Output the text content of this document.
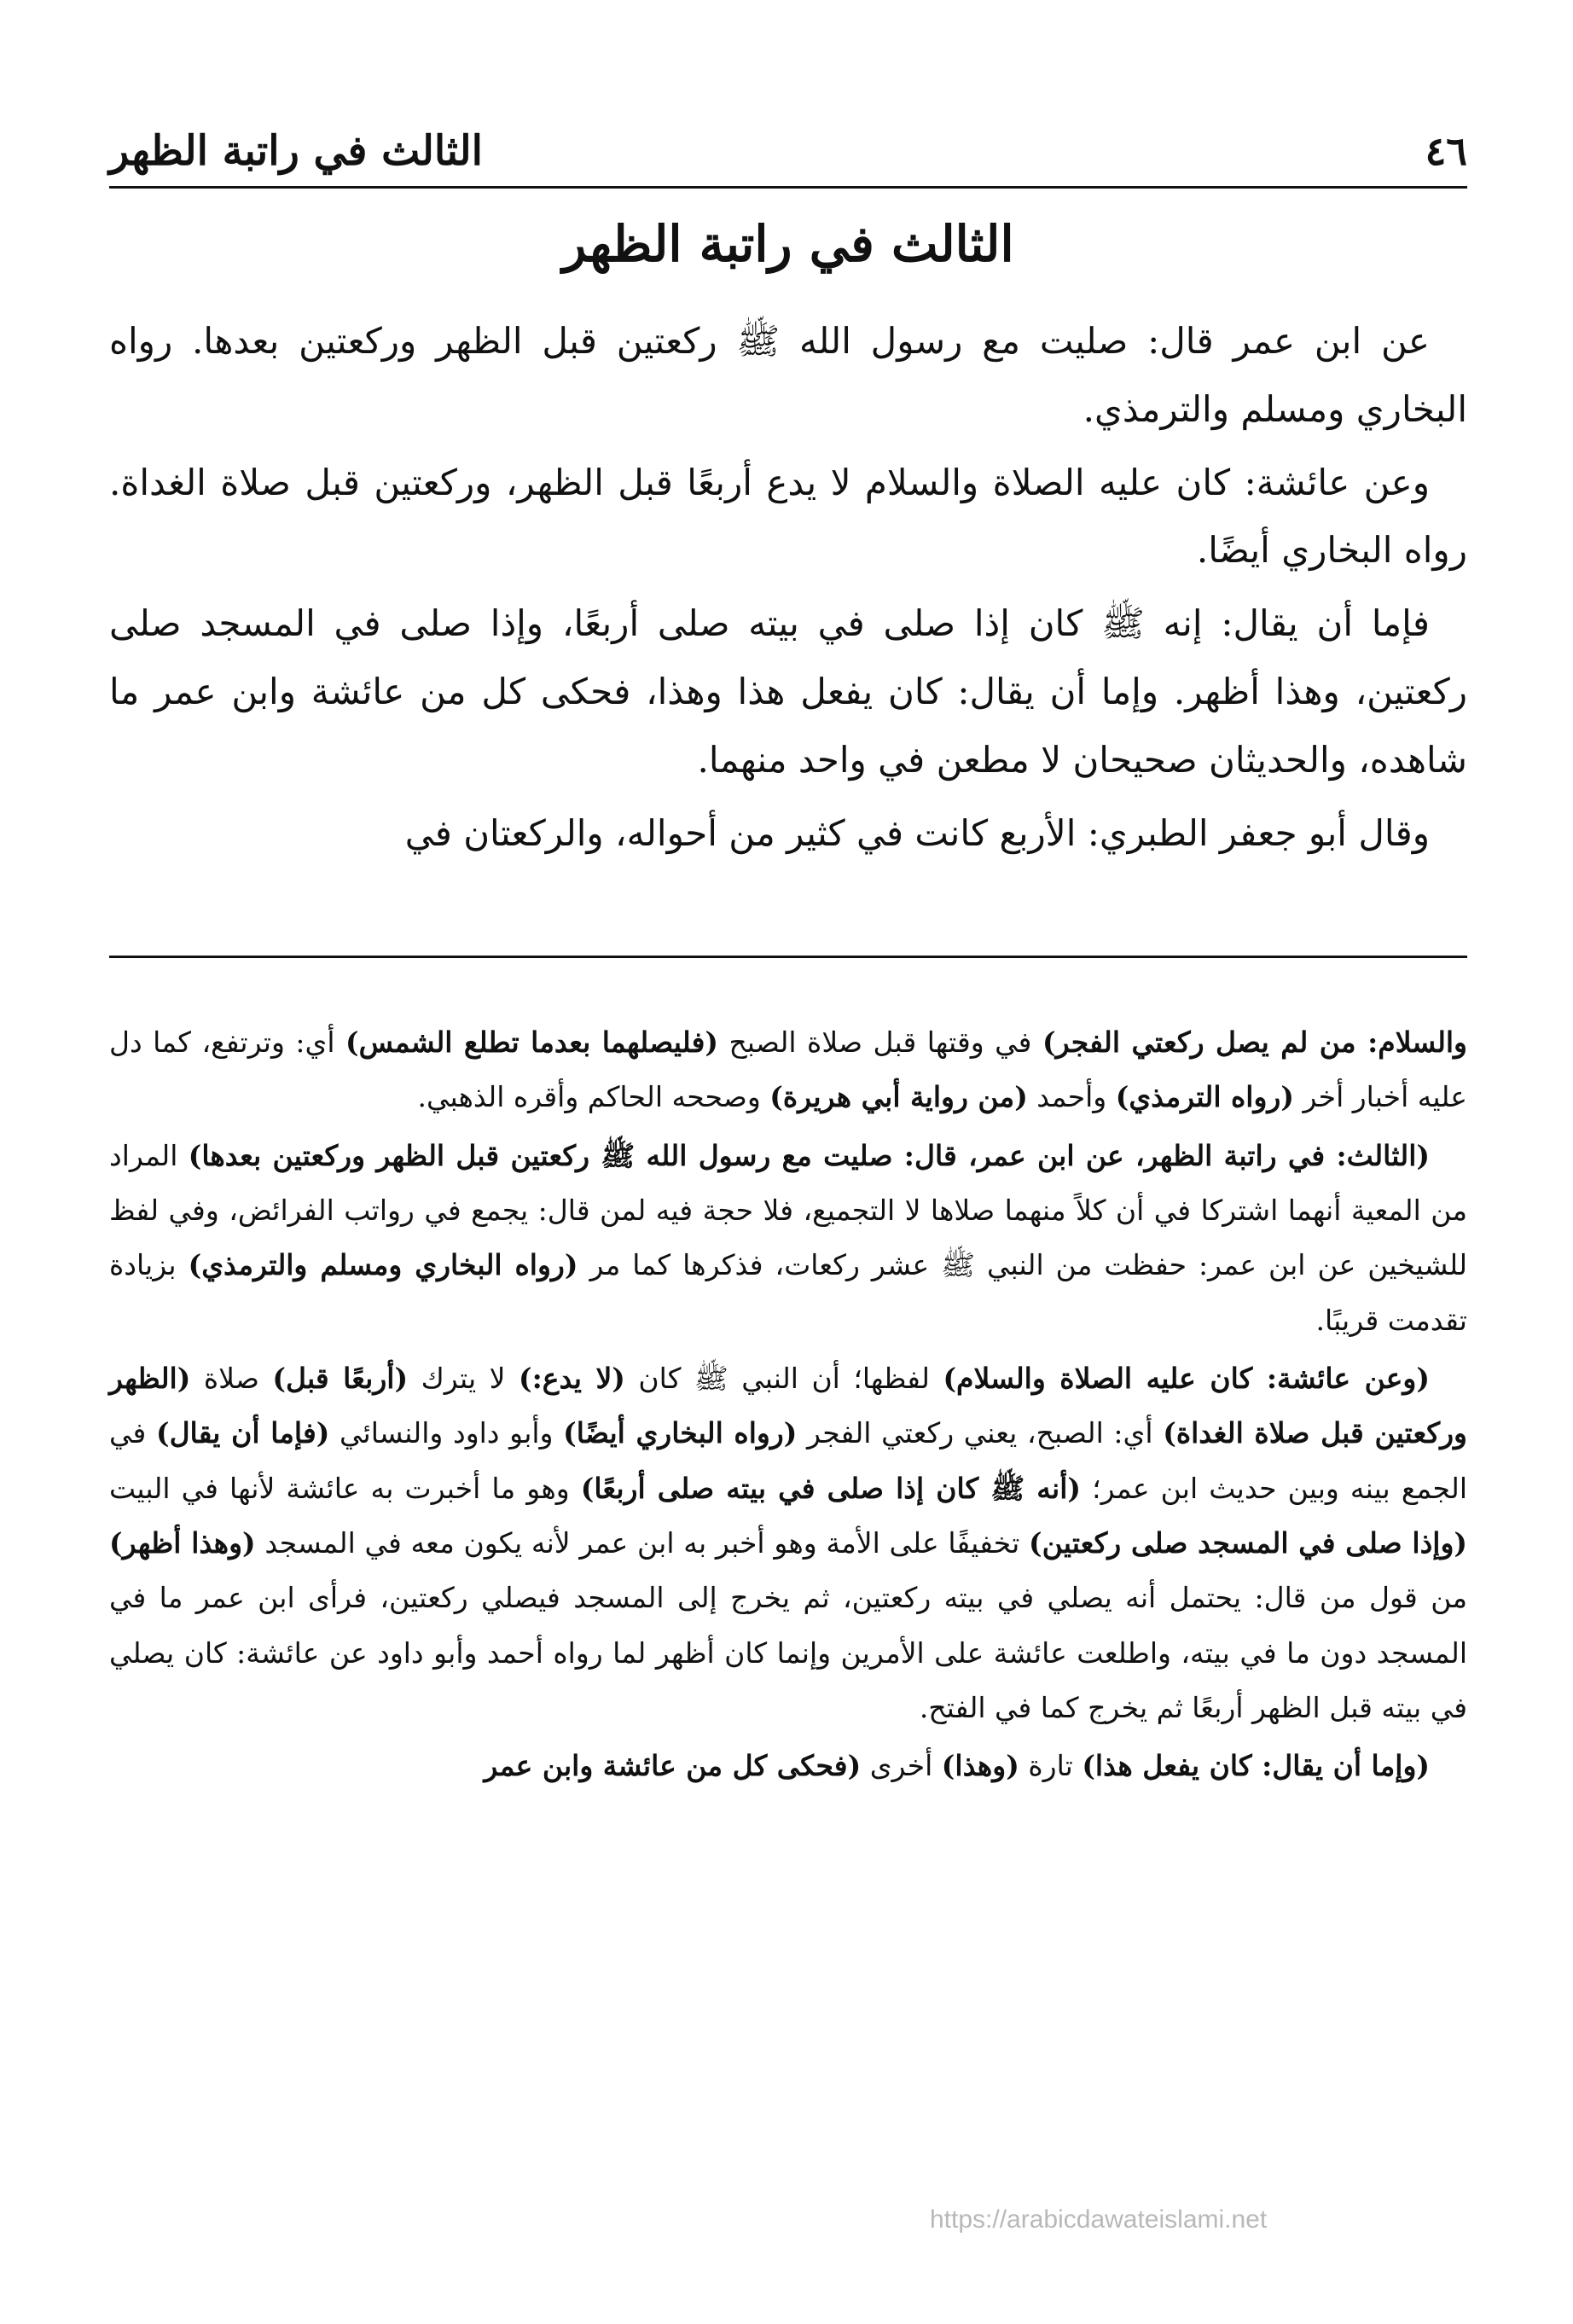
٤٦
الثالث في راتبة الظهر
الثالث في راتبة الظهر

عن ابن عمر قال: صليت مع رسول الله ﷺ ركعتين قبل الظهر وركعتين بعدها. رواه البخاري ومسلم والترمذي.

وعن عائشة: كان عليه الصلاة والسلام لا يدع أربعًا قبل الظهر، وركعتين قبل صلاة الغداة. رواه البخاري أيضًا.

فإما أن يقال: إنه ﷺ كان إذا صلى في بيته صلى أربعًا، وإذا صلى في المسجد صلى ركعتين، وهذا أظهر. وإما أن يقال: كان يفعل هذا وهذا، فحكى كل من عائشة وابن عمر ما شاهده، والحديثان صحيحان لا مطعن في واحد منهما.

وقال أبو جعفر الطبري: الأربع كانت في كثير من أحواله، والركعتان في

والسلام: من لم يصل ركعتي الفجر) في وقتها قبل صلاة الصبح (فليصلهما بعدما تطلع الشمس) أي: وترتفع، كما دل عليه أخبار أخر (رواه الترمذي) وأحمد (من رواية أبي هريرة) وصححه الحاكم وأقره الذهبي.

(الثالث: في راتبة الظهر، عن ابن عمر، قال: صليت مع رسول الله ﷺ ركعتين قبل الظهر وركعتين بعدها) المراد من المعية أنهما اشتركا في أن كلاً منهما صلاها لا التجميع، فلا حجة فيه لمن قال: يجمع في رواتب الفرائض، وفي لفظ للشيخين عن ابن عمر: حفظت من النبي ﷺ عشر ركعات، فذكرها كما مر (رواه البخاري ومسلم والترمذي) بزيادة تقدمت قريبًا.

(وعن عائشة: كان عليه الصلاة والسلام) لفظها؛ أن النبي ﷺ كان (لا يدع:) لا يترك (أربعًا قبل) صلاة (الظهر وركعتين قبل صلاة الغداة) أي: الصبح، يعني ركعتي الفجر (رواه البخاري أيضًا) وأبو داود والنسائي (فإما أن يقال) في الجمع بينه وبين حديث ابن عمر؛ (أنه ﷺ كان إذا صلى في بيته صلى أربعًا) وهو ما أخبرت به عائشة لأنها في البيت (وإذا صلى في المسجد صلى ركعتين) تخفيفًا على الأمة وهو أخبر به ابن عمر لأنه يكون معه في المسجد (وهذا أظهر) من قول من قال: يحتمل أنه يصلي في بيته ركعتين، ثم يخرج إلى المسجد فيصلي ركعتين، فرأى ابن عمر ما في المسجد دون ما في بيته، واطلعت عائشة على الأمرين وإنما كان أظهر لما رواه أحمد وأبو داود عن عائشة: كان يصلي في بيته قبل الظهر أربعًا ثم يخرج كما في الفتح.

(وإما أن يقال: كان يفعل هذا) تارة (وهذا) أخرى (فحكى كل من عائشة وابن عمر

https://arabicdawateislami.net
